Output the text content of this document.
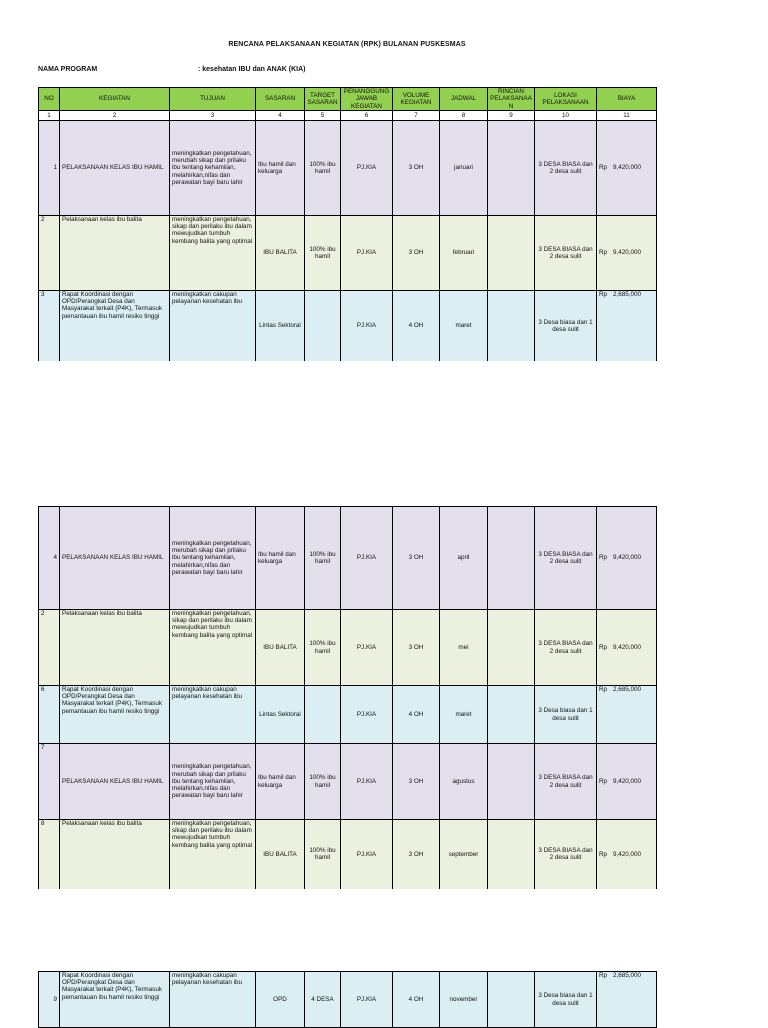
RENCANA PELAKSANAAN KEGIATAN (RPK) BULANAN PUSKESMAS
NAMA PROGRAM	: kesehatan IBU dan ANAK (KIA)
NO	KEGIATAN	TUJUAN	SASARAN	TARGET SASARAN	PENANGGUNG JAWAB KEGIATAN	VOLUME KEGIATAN	JADWAL	RINCIAN PELAKSANAA N	LOKASI PELAKSANAAN	BIAYA
1	2	3	4	5	6	7	8	9	10	11
1	PELAKSANAAN KELAS IBU HAMIL	meningkatkan pengetahuan, merubah sikap dan prilaku ibu tentang kehamilan, melahirkan,nifas dan perawatan bayi baru lahir	Ibu hamil dan keluarga	100% ibu hamil	PJ.KIA	3 OH	januari		3 DESA BIASA dan 2 desa sulit	Rp 9,420,000
2	Pelaksanaan kelas ibu balita	meningkatkan pengetahuan, sikap dan perilaku ibu dalam mewujudkan tumbuh kembang balita yang optimal	IBU BALITA	100% ibu hamil	PJ.KIA	3 OH	februari		3 DESA BIASA dan 2 desa sulit	Rp 9,420,000
3	Rapat Koordinasi dengan OPD/Perangkat Desa dan Masyarakat terkait (P4K), Termasuk pemantauan ibu hamil resiko tinggi	meningkatkan cakupan pelayanan kesehatan ibu	Lintas Sektoral		PJ.KIA	4 OH	maret		3 Desa biasa dan 1 desa sulit	Rp 2,685,000
4	PELAKSANAAN KELAS IBU HAMIL	meningkatkan pengetahuan, merubah sikap dan prilaku ibu tentang kehamilan, melahirkan,nifas dan perawatan bayi baru lahir	Ibu hamil dan keluarga	100% ibu hamil	PJ.KIA	3 OH	april		3 DESA BIASA dan 2 desa sulit	Rp 9,420,000
2	Pelaksanaan kelas ibu balita	meningkatkan pengetahuan, sikap dan perilaku ibu dalam mewujudkan tumbuh kembang balita yang optimal	IBU BALITA	100% ibu hamil	PJ.KIA	3 OH	mei		3 DESA BIASA dan 2 desa sulit	Rp 9,420,000
6	Rapat Koordinasi dengan OPD/Perangkat Desa dan Masyarakat terkait (P4K), Termasuk pemantauan ibu hamil resiko tinggi	meningkatkan cakupan pelayanan kesehatan ibu	Lintas Sektoral		PJ.KIA	4 OH	maret		3 Desa biasa dan 1 desa sulit	Rp 2,685,000
7	PELAKSANAAN KELAS IBU HAMIL	meningkatkan pengetahuan, merubah sikap dan prilaku ibu tentang kehamilan, melahirkan,nifas dan perawatan bayi baru lahir	Ibu hamil dan keluarga	100% ibu hamil	PJ.KIA	3 OH	agustus		3 DESA BIASA dan 2 desa sulit	Rp 9,420,000
8	Pelaksanaan kelas ibu balita	meningkatkan pengetahuan, sikap dan perilaku ibu dalam mewujudkan tumbuh kembang balita yang optimal	IBU BALITA	100% ibu hamil	PJ.KIA	3 OH	september		3 DESA BIASA dan 2 desa sulit	Rp 9,420,000
9	Rapat Koordinasi dengan OPD/Perangkat Desa dan Masyarakat terkait (P4K), Termasuk pemantauan ibu hamil resiko tinggi	meningkatkan cakupan pelayanan kesehatan ibu	OPD	4 DESA	PJ.KIA	4 OH	november		3 Desa biasa dan 1 desa sulit	Rp 2,685,000
